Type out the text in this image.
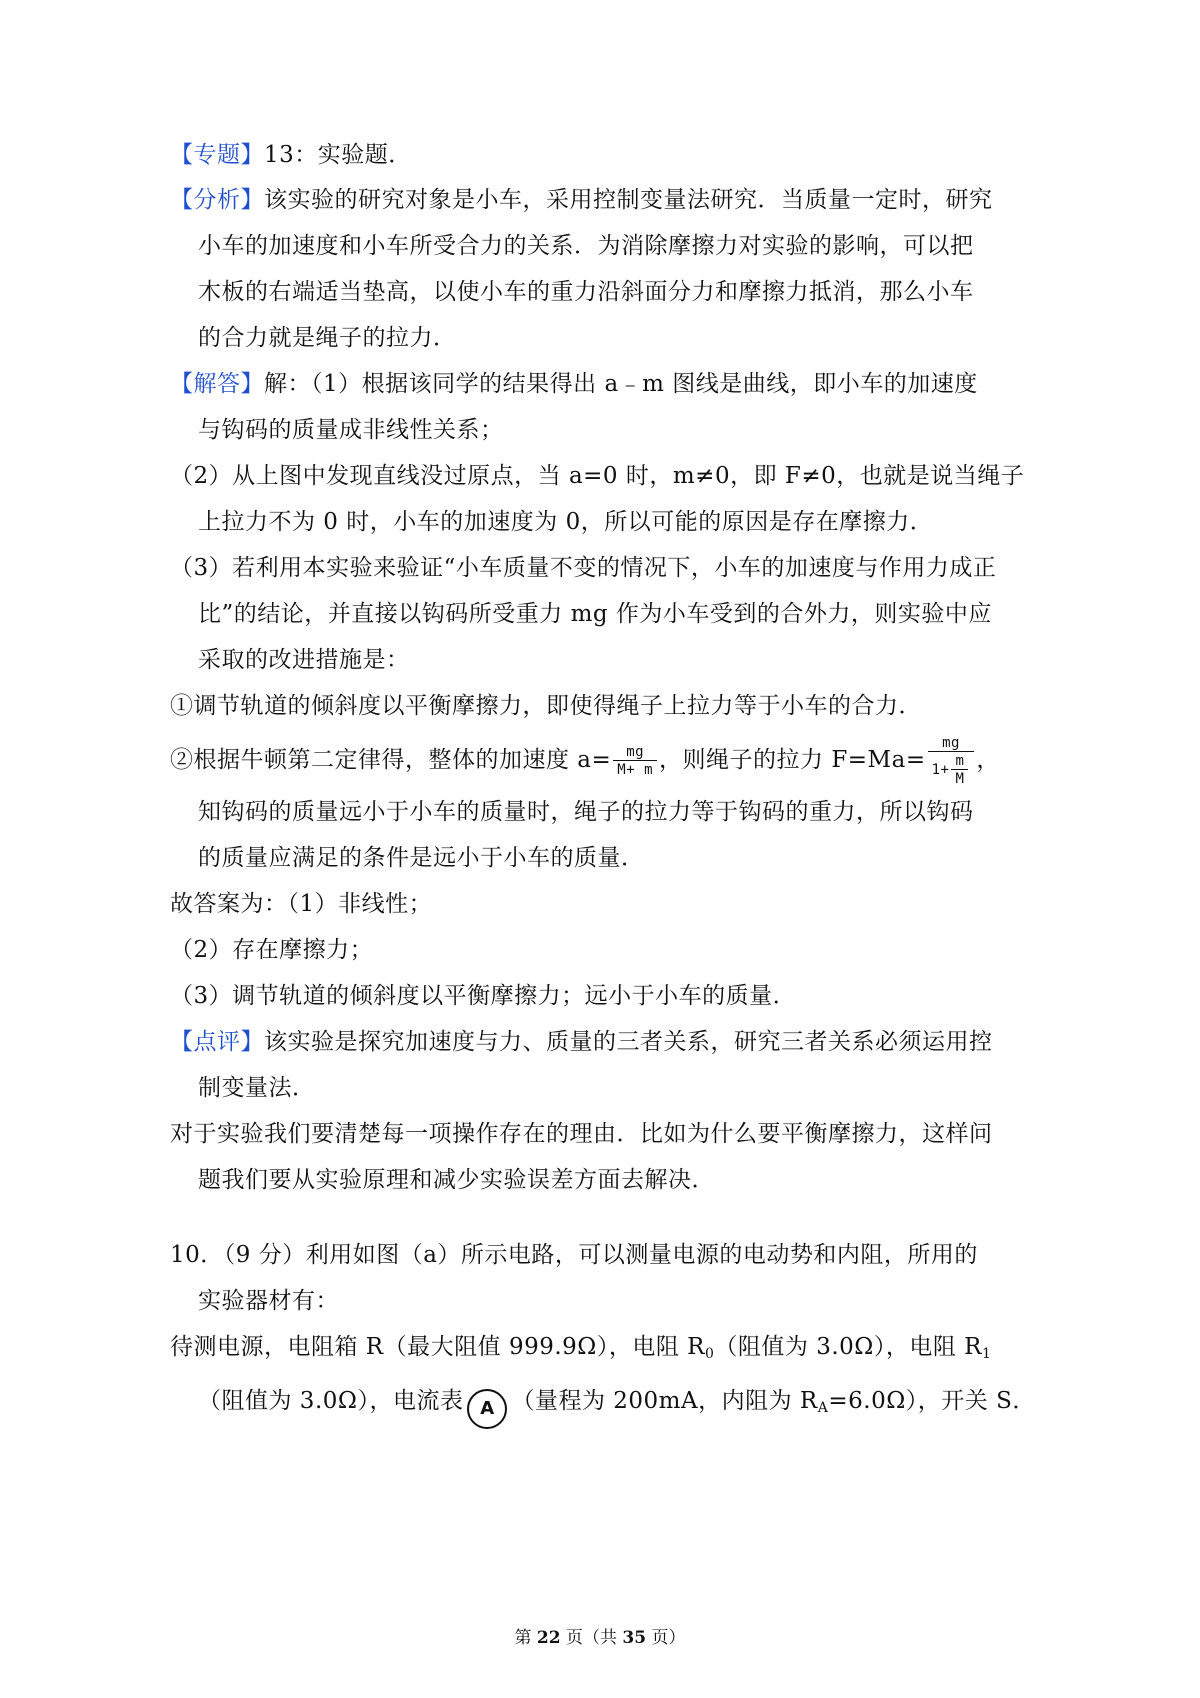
【专题】13：实验题．
【分析】该实验的研究对象是小车，采用控制变量法研究．当质量一定时，研究
小车的加速度和小车所受合力的关系．为消除摩擦力对实验的影响，可以把
木板的右端适当垫高，以使小车的重力沿斜面分力和摩擦力抵消，那么小车
的合力就是绳子的拉力．
【解答】解：（1）根据该同学的结果得出 a﹣m 图线是曲线，即小车的加速度
与钩码的质量成非线性关系；
（2）从上图中发现直线没过原点，当 a=0 时，m≠0，即 F≠0，也就是说当绳子
上拉力不为 0 时，小车的加速度为 0，所以可能的原因是存在摩擦力．
（3）若利用本实验来验证“小车质量不变的情况下，小车的加速度与作用力成正
比”的结论，并直接以钩码所受重力 mg 作为小车受到的合外力，则实验中应
采取的改进措施是：
①调节轨道的倾斜度以平衡摩擦力，即使得绳子上拉力等于小车的合力．
②根据牛顿第二定律得，整体的加速度 $a= \frac{mg}{M+ m}$ ，则绳子的拉力 $F=Ma= \frac{mg}{1+ \frac{m}{M}}$ ，
知钩码的质量远小于小车的质量时，绳子的拉力等于钩码的重力，所以钩码
的质量应满足的条件是远小于小车的质量．
故答案为：（1）非线性；
（2）存在摩擦力；
（3）调节轨道的倾斜度以平衡摩擦力；远小于小车的质量．
【点评】该实验是探究加速度与力、质量的三者关系，研究三者关系必须运用控
制变量法．
对于实验我们要清楚每一项操作存在的理由．比如为什么要平衡摩擦力，这样问
题我们要从实验原理和减少实验误差方面去解决．
10．（9 分）利用如图（a）所示电路，可以测量电源的电动势和内阻，所用的
实验器材有：
待测电源，电阻箱 R（最大阻值 999.9Ω），电阻 $R_0$（阻值为 3.0Ω），电阻 $R_1$
（阻值为 3.0Ω），电流表 A （量程为 200mA，内阻为 $R_A=6.0\Omega$），开关 S．
第 22 页（共 35 页）
